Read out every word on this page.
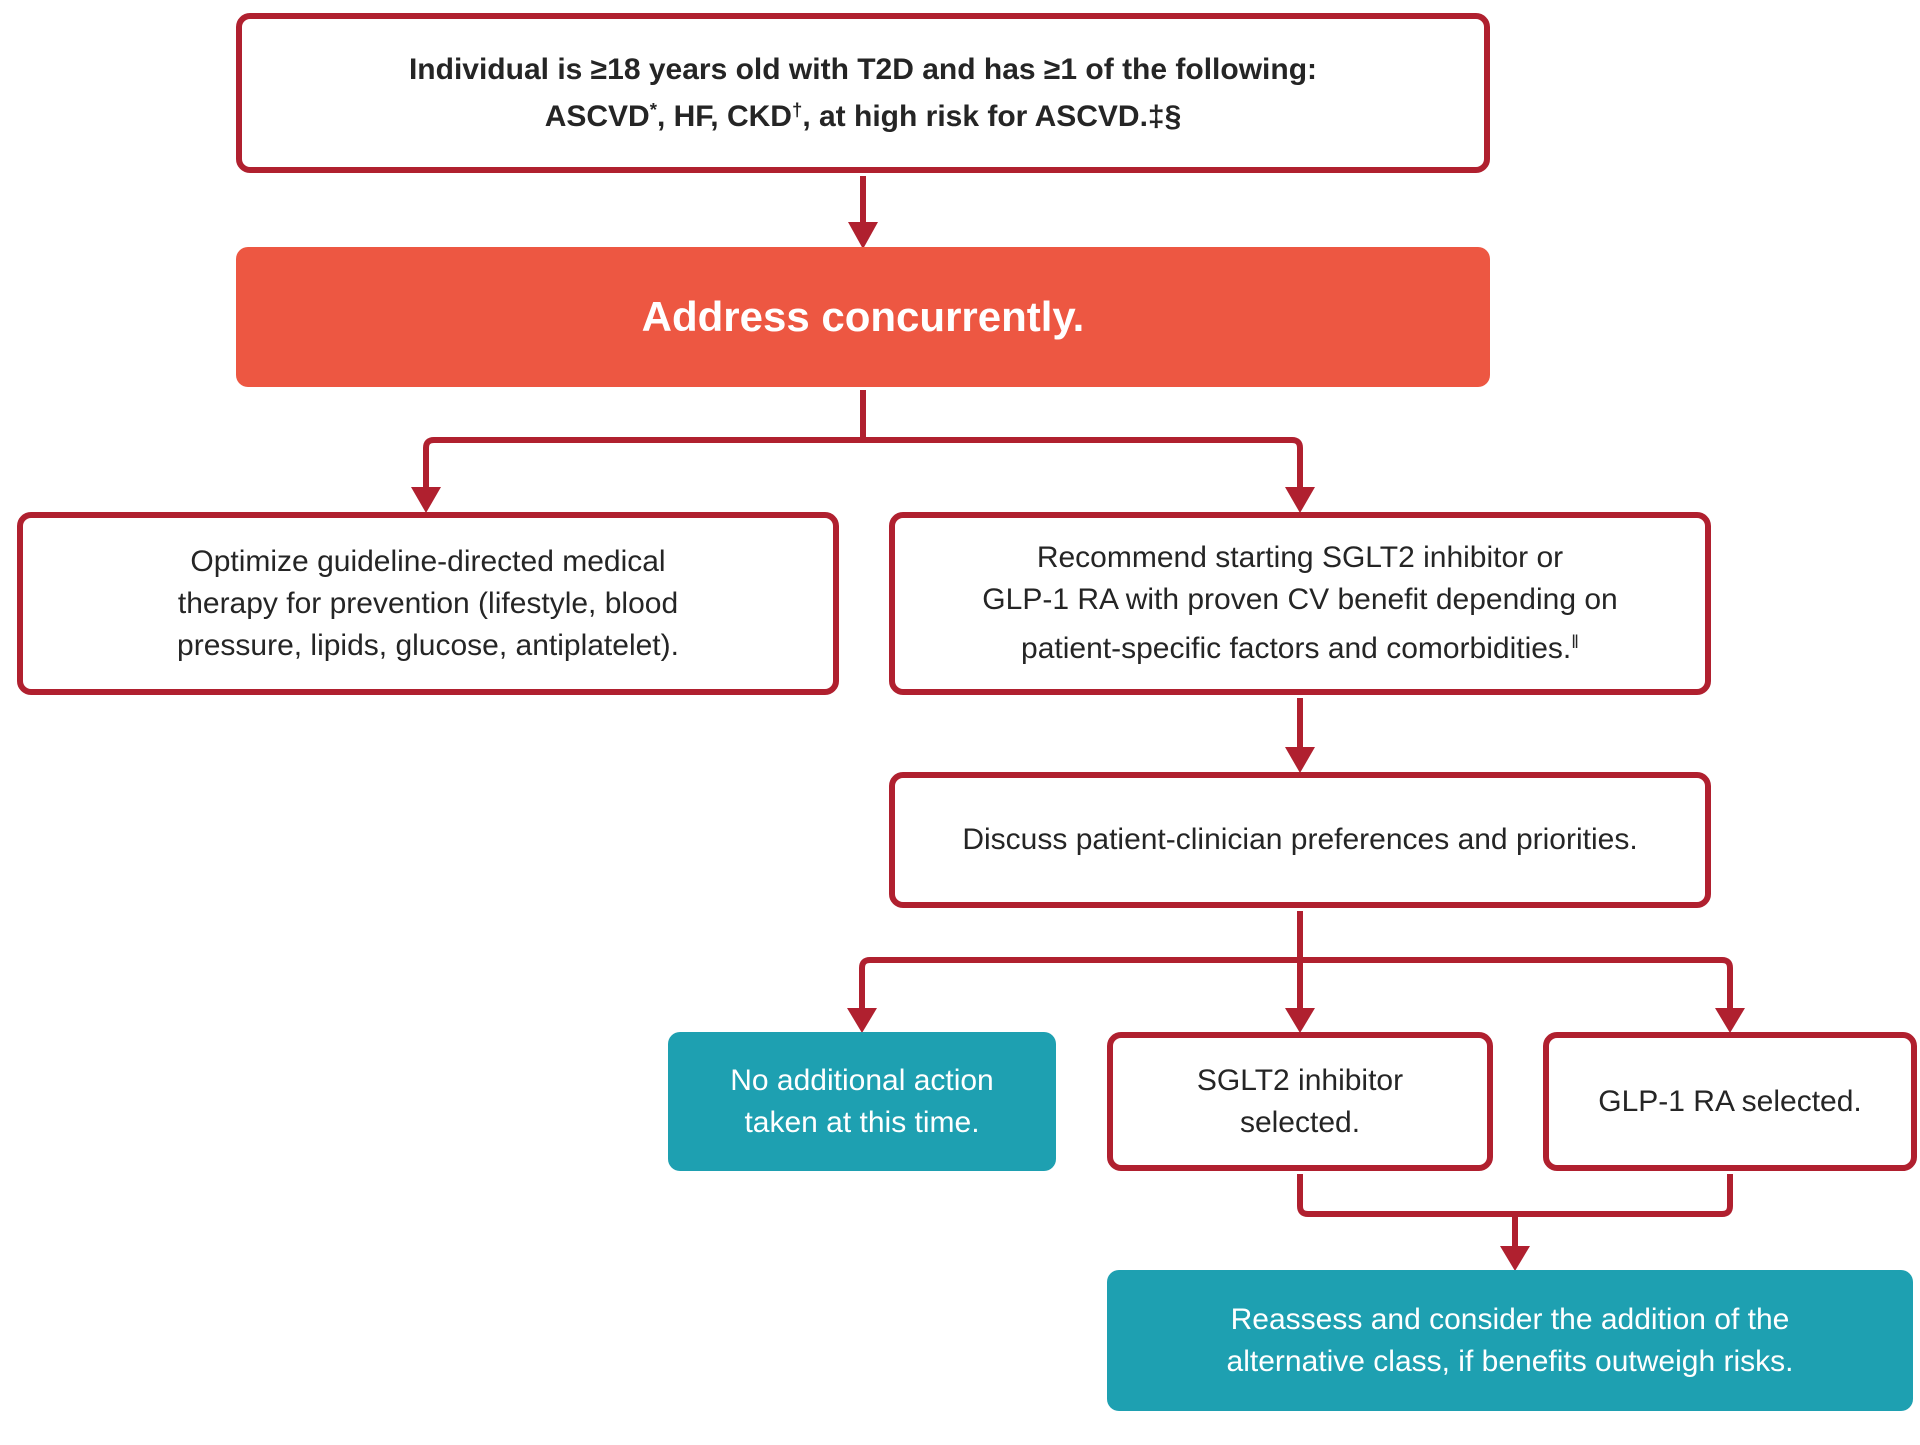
Individual is ≥18 years old with T2D and has ≥1 of the following:
ASCVD*, HF, CKD†, at high risk for ASCVD.‡§
Address concurrently.
Optimize guideline-directed medical
therapy for prevention (lifestyle, blood
pressure, lipids, glucose, antiplatelet).
Recommend starting SGLT2 inhibitor or
GLP-1 RA with proven CV benefit depending on
patient-specific factors and comorbidities.‖
Discuss patient-clinician preferences and priorities.
No additional action
taken at this time.
SGLT2 inhibitor
selected.
GLP-1 RA selected.
Reassess and consider the addition of the
alternative class, if benefits outweigh risks.
